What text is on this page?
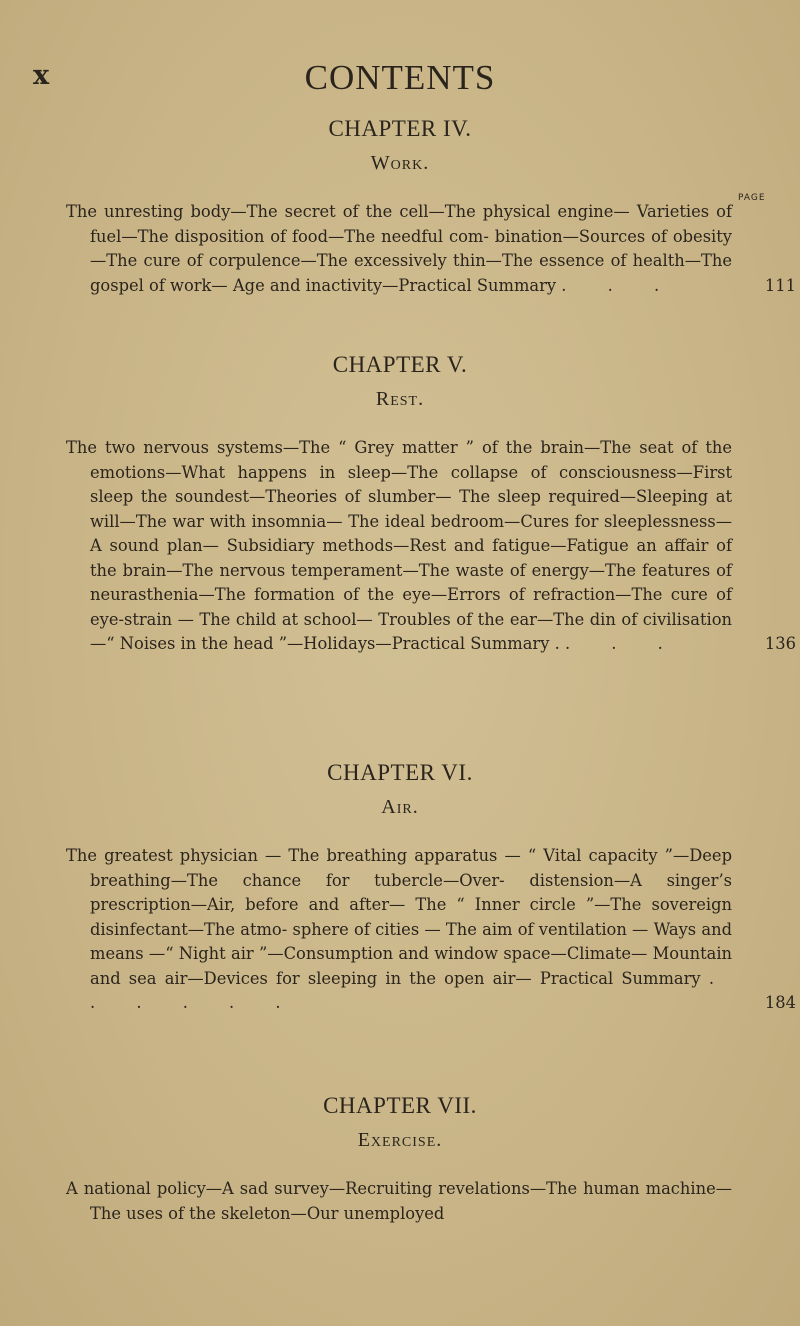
x	CONTENTS
PAGE
CHAPTER IV.
Work.
The unresting body—The secret of the cell—The physical engine— Varieties of fuel—The disposition of food—The needful com- bination—Sources of obesity—The cure of corpulence—The excessively thin—The essence of health—The gospel of work— Age and inactivity—Practical Summary . . .	111
CHAPTER V.
Rest.
The two nervous systems—The “ Grey matter ” of the brain—The seat of the emotions—What happens in sleep—The collapse of consciousness—First sleep the soundest—Theories of slumber— The sleep required—Sleeping at will—The war with insomnia— The ideal bedroom—Cures for sleeplessness—A sound plan— Subsidiary methods—Rest and fatigue—Fatigue an affair of the brain—The nervous temperament—The waste of energy—The features of neurasthenia—The formation of the eye—Errors of refraction—The cure of eye-strain — The child at school— Troubles of the ear—The din of civilisation—“ Noises in the head ”—Holidays—Practical Summary . . . .	136
CHAPTER VI.
Air.
The greatest physician — The breathing apparatus — “ Vital capacity ”—Deep breathing—The chance for tubercle—Over- distension—A singer’s prescription—Air, before and after— The “ Inner circle ”—The sovereign disinfectant—The atmo- sphere of cities — The aim of ventilation — Ways and means —“ Night air ”—Consumption and window space—Climate— Mountain and sea air—Devices for sleeping in the open air— Practical Summary . . . . . .	184
CHAPTER VII.
Exercise.
A national policy—A sad survey—Recruiting revelations—The human machine—The uses of the skeleton—Our unemployed
